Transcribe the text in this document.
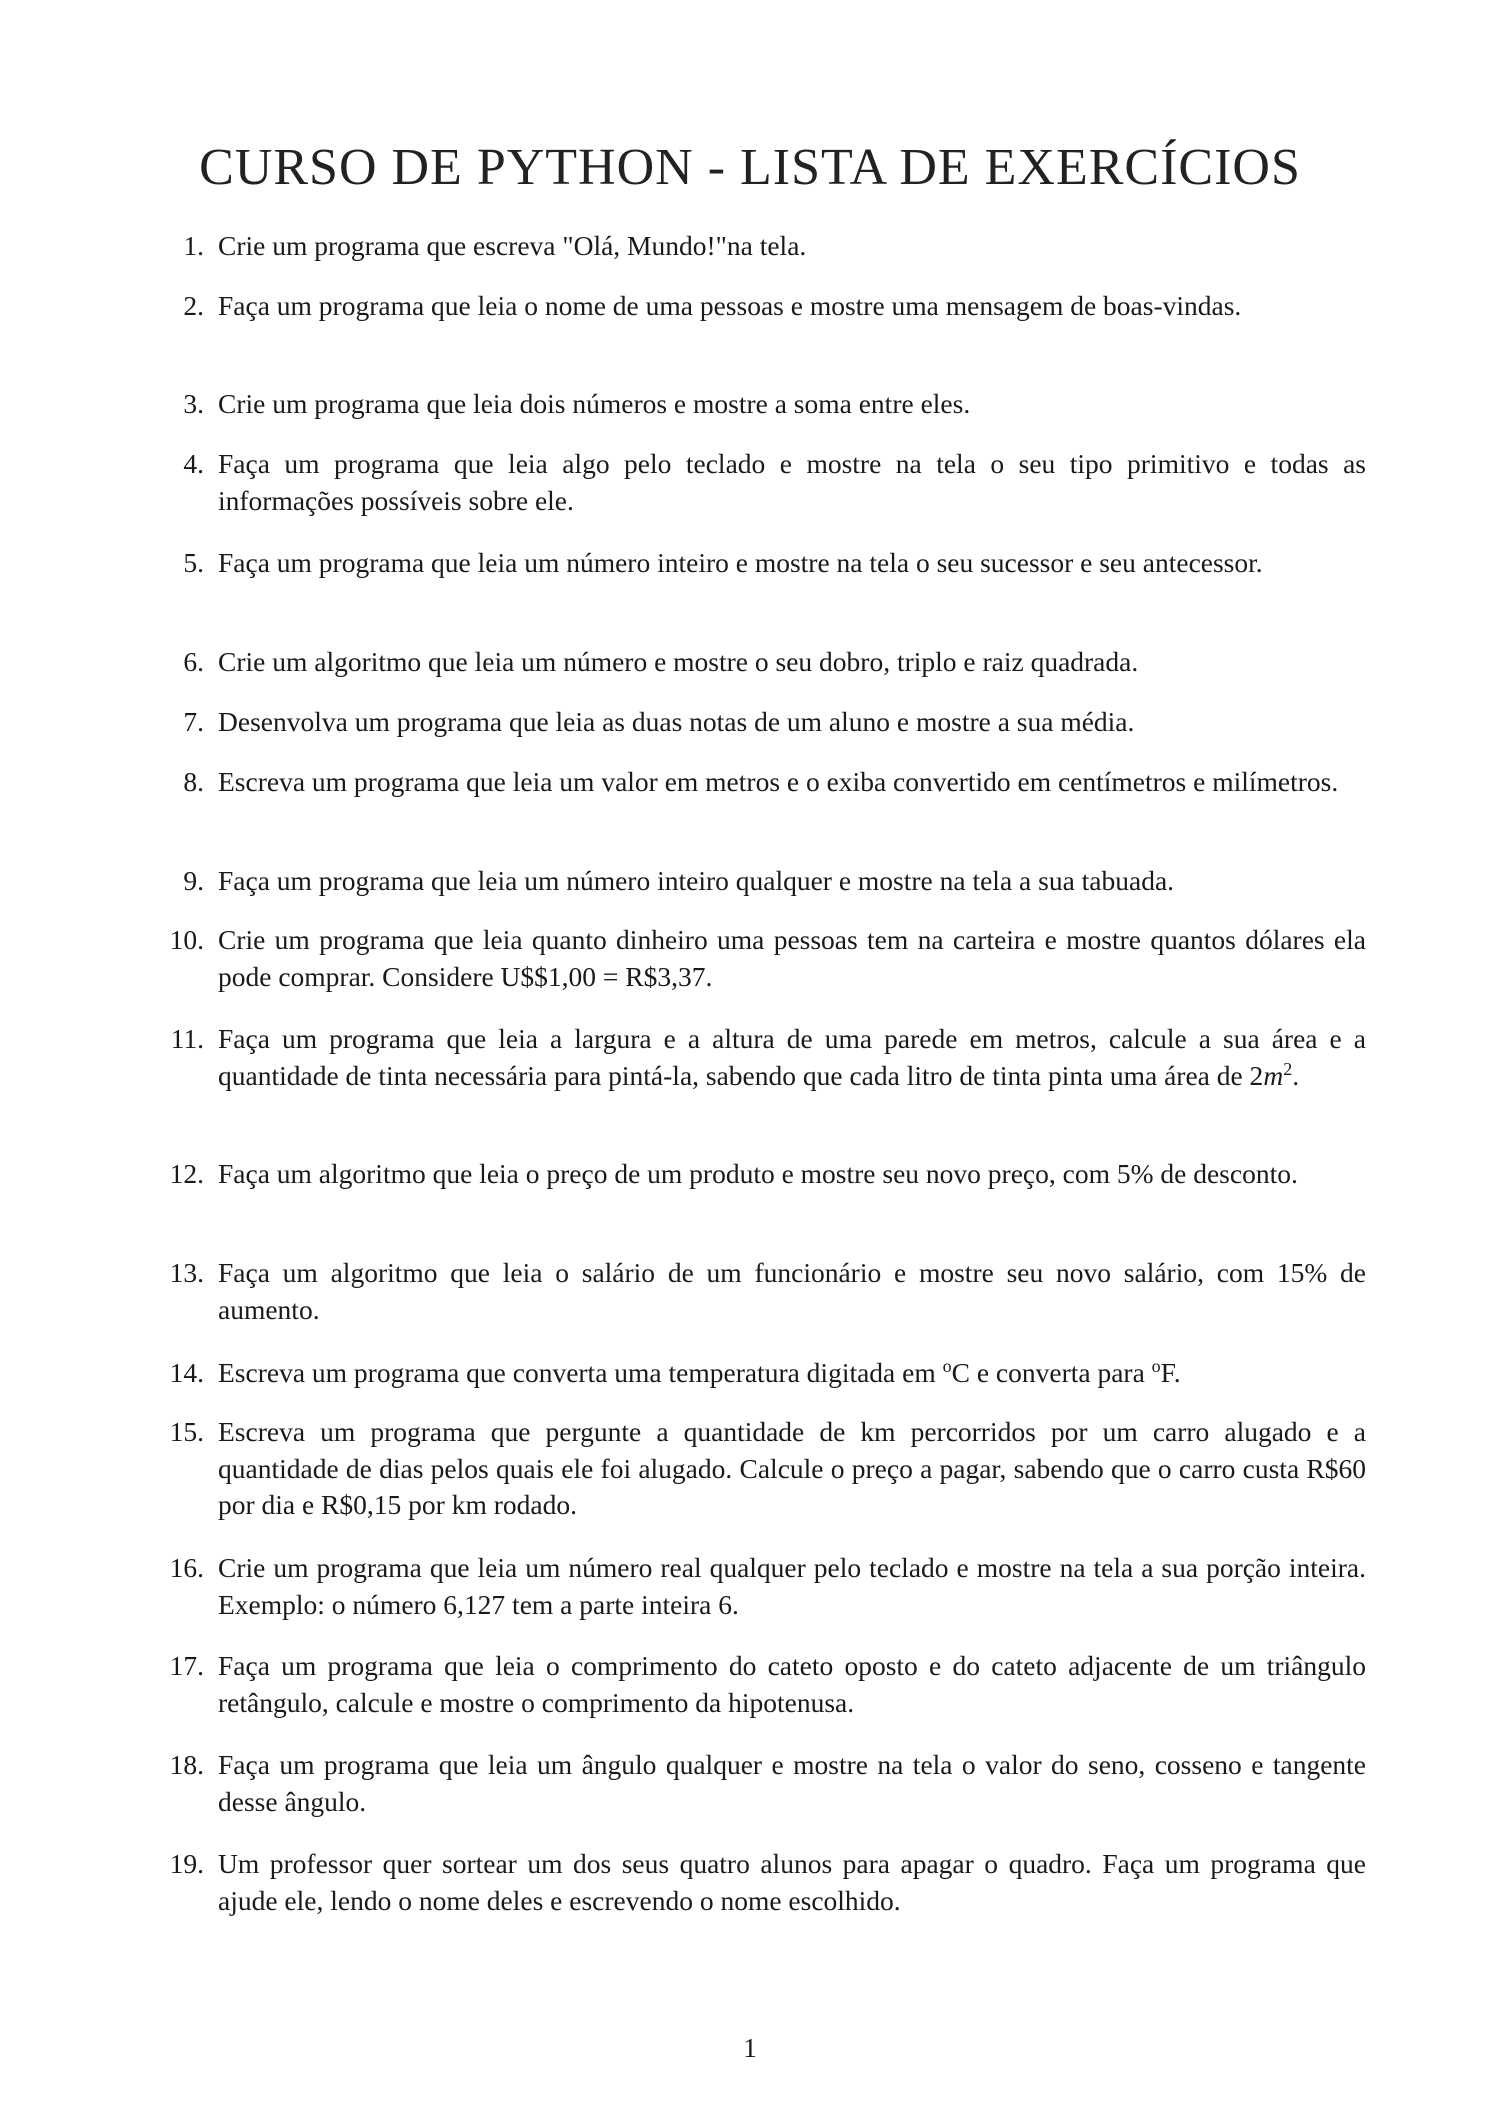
CURSO DE PYTHON - LISTA DE EXERCÍCIOS
1. Crie um programa que escreva "Olá, Mundo!"na tela.
2. Faça um programa que leia o nome de uma pessoas e mostre uma mensagem de boas-vindas.
3. Crie um programa que leia dois números e mostre a soma entre eles.
4. Faça um programa que leia algo pelo teclado e mostre na tela o seu tipo primitivo e todas as informações possíveis sobre ele.
5. Faça um programa que leia um número inteiro e mostre na tela o seu sucessor e seu antecessor.
6. Crie um algoritmo que leia um número e mostre o seu dobro, triplo e raiz quadrada.
7. Desenvolva um programa que leia as duas notas de um aluno e mostre a sua média.
8. Escreva um programa que leia um valor em metros e o exiba convertido em centímetros e milímetros.
9. Faça um programa que leia um número inteiro qualquer e mostre na tela a sua tabuada.
10. Crie um programa que leia quanto dinheiro uma pessoas tem na carteira e mostre quantos dólares ela pode comprar. Considere U$$1,00 = R$3,37.
11. Faça um programa que leia a largura e a altura de uma parede em metros, calcule a sua área e a quantidade de tinta necessária para pintá-la, sabendo que cada litro de tinta pinta uma área de $2m^2$.
12. Faça um algoritmo que leia o preço de um produto e mostre seu novo preço, com 5% de desconto.
13. Faça um algoritmo que leia o salário de um funcionário e mostre seu novo salário, com 15% de aumento.
14. Escreva um programa que converta uma temperatura digitada em $^o$C e converta para $^o$F.
15. Escreva um programa que pergunte a quantidade de km percorridos por um carro alugado e a quantidade de dias pelos quais ele foi alugado. Calcule o preço a pagar, sabendo que o carro custa R$60 por dia e R$0,15 por km rodado.
16. Crie um programa que leia um número real qualquer pelo teclado e mostre na tela a sua porção inteira. Exemplo: o número 6,127 tem a parte inteira 6.
17. Faça um programa que leia o comprimento do cateto oposto e do cateto adjacente de um triângulo retângulo, calcule e mostre o comprimento da hipotenusa.
18. Faça um programa que leia um ângulo qualquer e mostre na tela o valor do seno, cosseno e tangente desse ângulo.
19. Um professor quer sortear um dos seus quatro alunos para apagar o quadro. Faça um programa que ajude ele, lendo o nome deles e escrevendo o nome escolhido.
1
